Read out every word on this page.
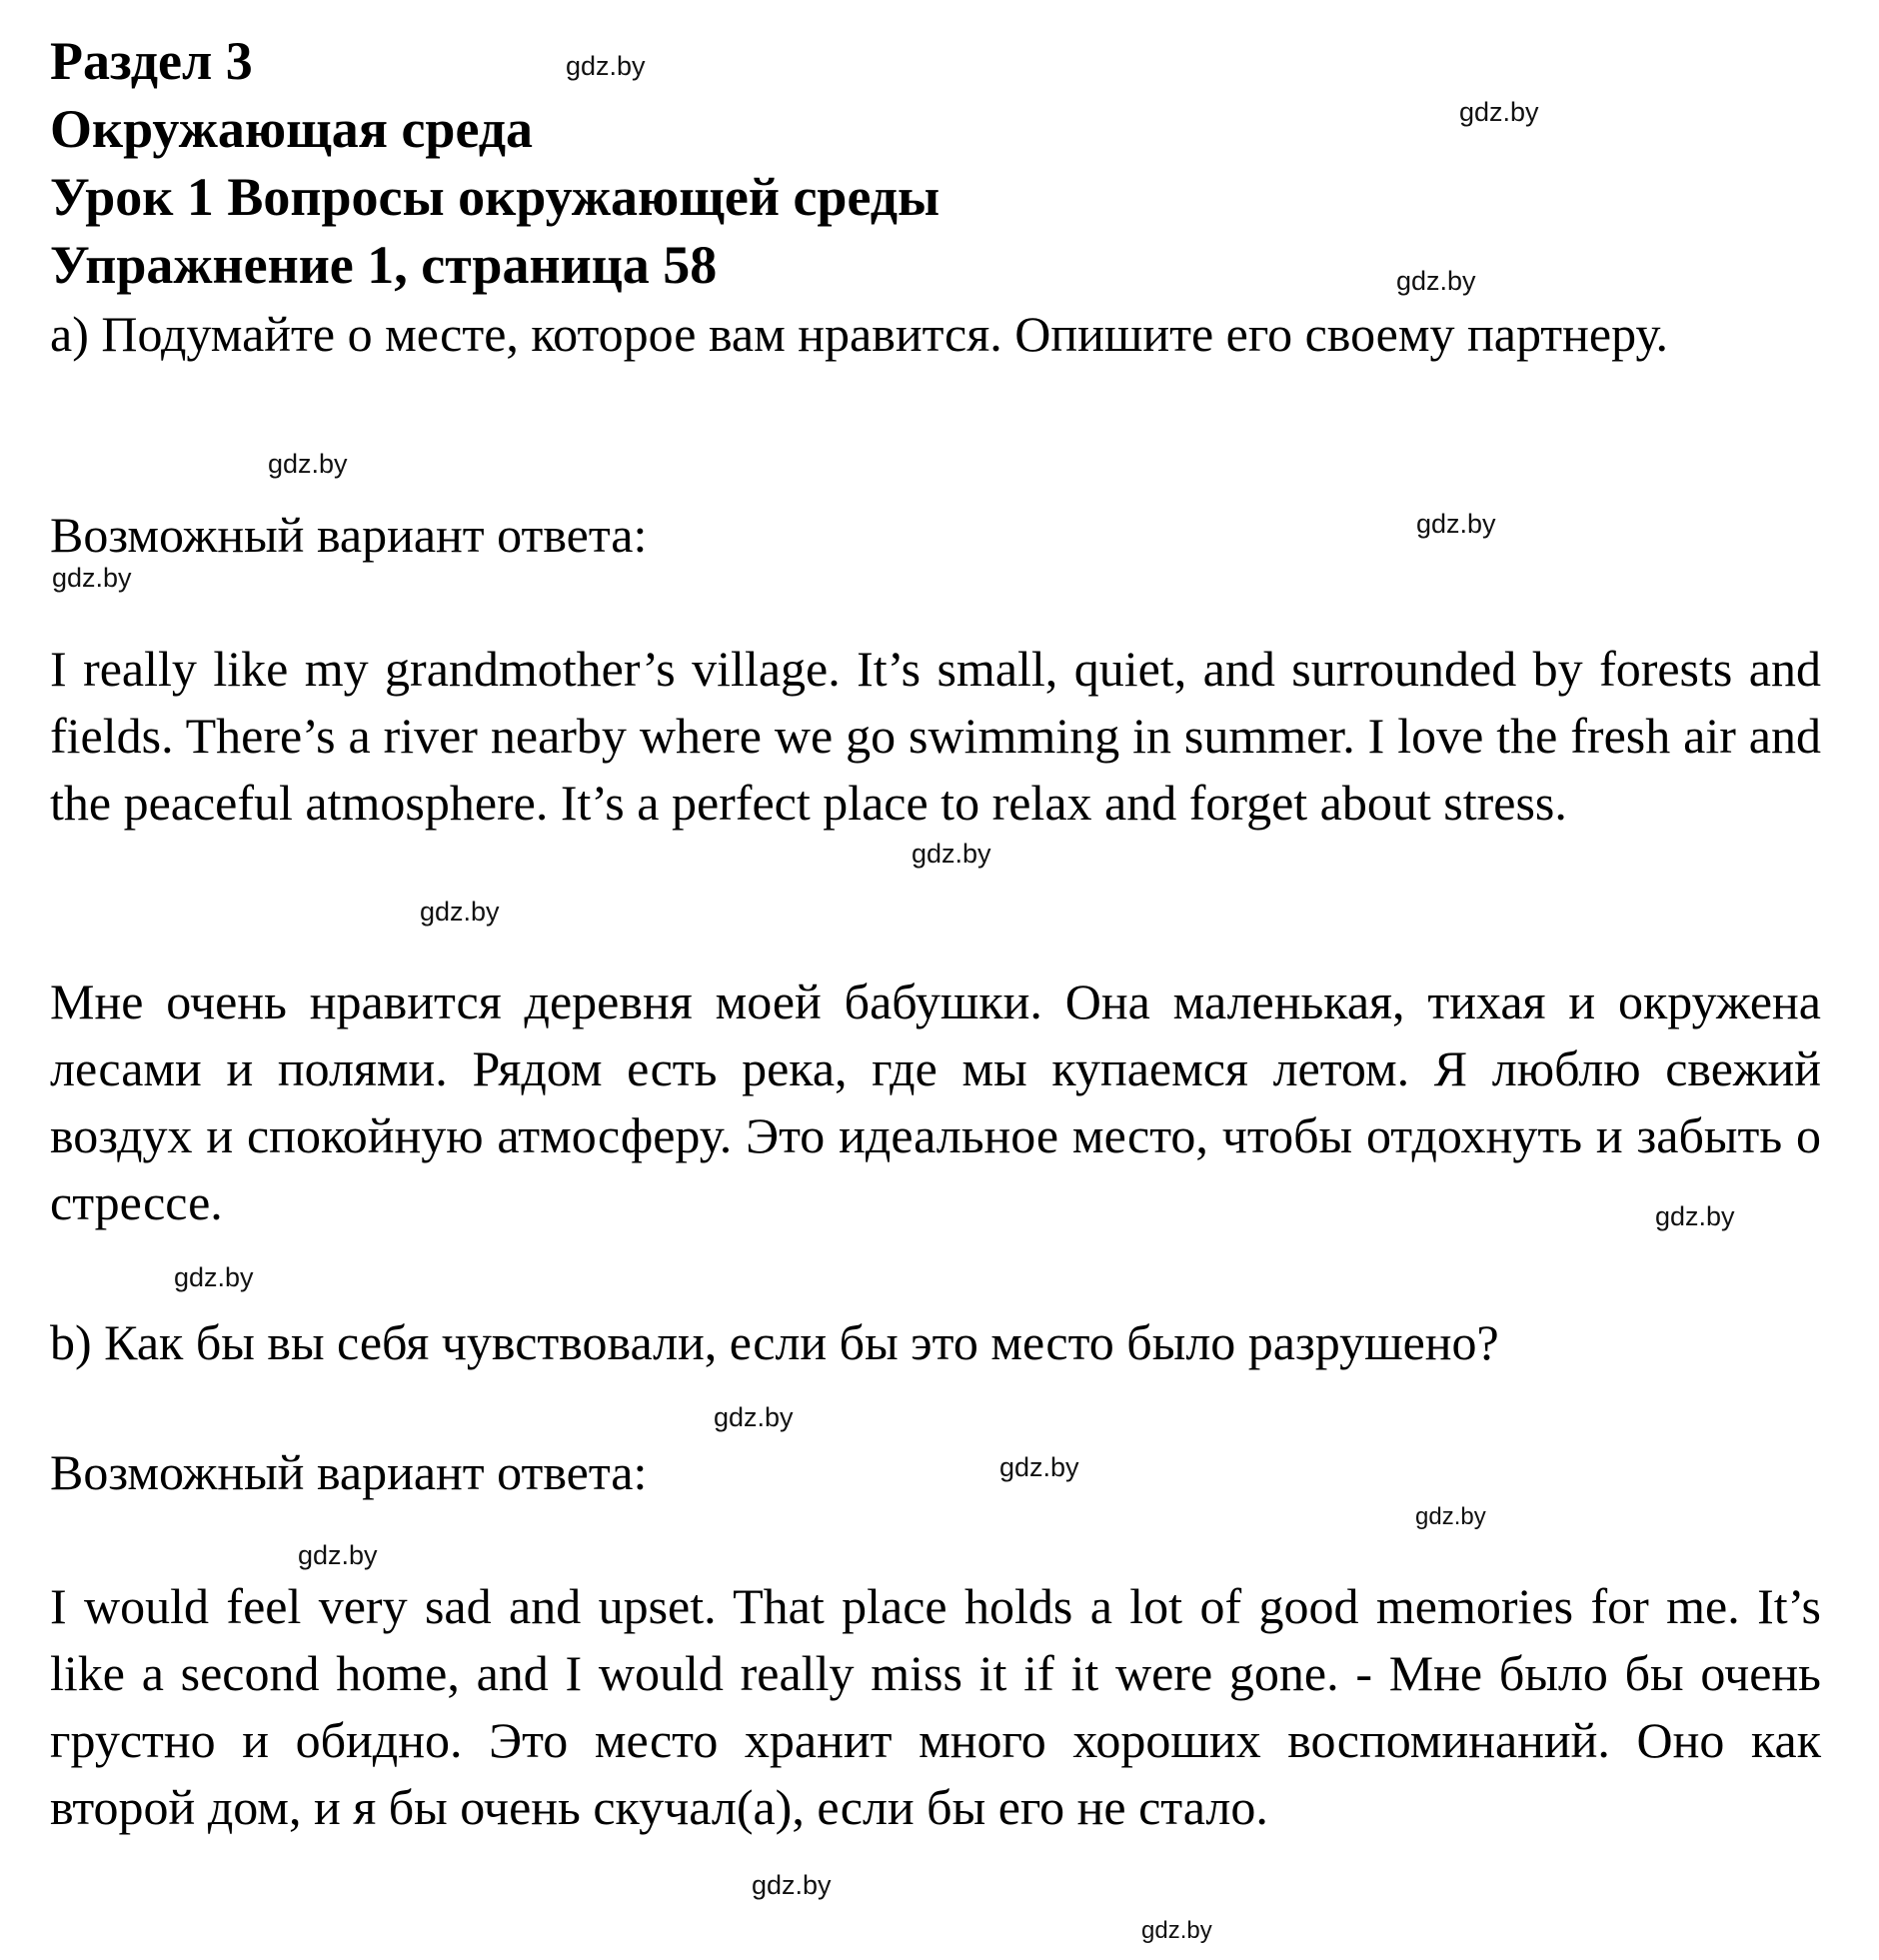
Раздел 3
Окружающая среда
Урок 1 Вопросы окружающей среды
Упражнение 1, страница 58

a) Подумайте о месте, которое вам нравится. Опишите его своему партнеру.

Возможный вариант ответа:

I really like my grandmother’s village. It’s small, quiet, and surrounded by forests and fields. There’s a river nearby where we go swimming in summer. I love the fresh air and the peaceful atmosphere. It’s a perfect place to relax and forget about stress.

Мне очень нравится деревня моей бабушки. Она маленькая, тихая и окружена лесами и полями. Рядом есть река, где мы купаемся летом. Я люблю свежий воздух и спокойную атмосферу. Это идеальное место, чтобы отдохнуть и забыть о стрессе.

b) Как бы вы себя чувствовали, если бы это место было разрушено?
Возможный вариант ответа:

I would feel very sad and upset. That place holds a lot of good memories for me. It’s like a second home, and I would really miss it if it were gone. - Мне было бы очень грустно и обидно. Это место хранит много хороших воспоминаний. Оно как второй дом, и я бы очень скучал(а), если бы его не стало.

gdz.by
gdz.by
gdz.by
gdz.by
gdz.by
gdz.by
gdz.by
gdz.by
gdz.by
gdz.by
gdz.by
gdz.by
gdz.by
gdz.by
gdz.by
gdz.by
